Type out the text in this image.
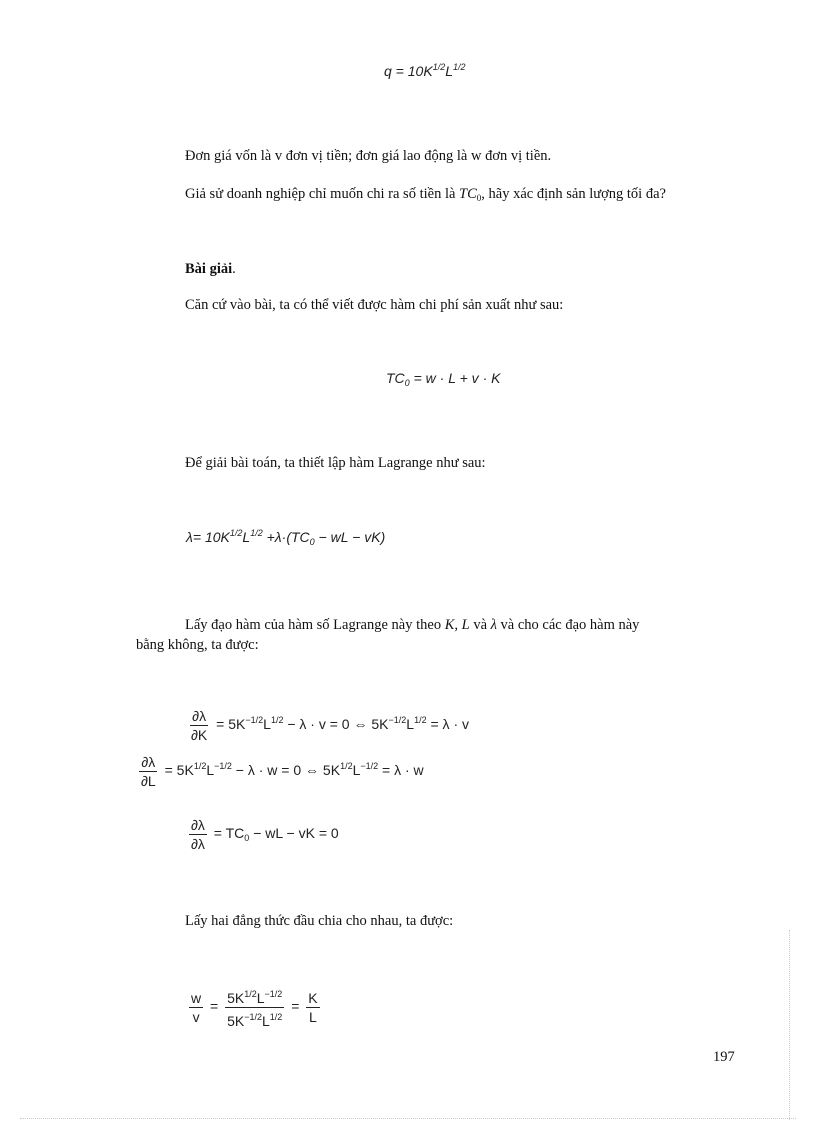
$q = 10K^{1/2}L^{1/2}$
Đơn giá vốn là v đơn vị tiền; đơn giá lao động là w đơn vị tiền.
Giả sử doanh nghiệp chỉ muốn chi ra số tiền là $TC_0$, hãy xác định sản lượng tối đa?
Bài giải.
Căn cứ vào bài, ta có thể viết được hàm chi phí sản xuất như sau:
$TC_0 = w \cdot L + v \cdot K$
Để giải bài toán, ta thiết lập hàm Lagrange như sau:
$\lambda= 10K^{1/2}L^{1/2} +\lambda\cdot(TC_0$ − wL − vK)
Lấy đạo hàm của hàm số Lagrange này theo K, L và λ và cho các đạo hàm này
bằng không, ta được:
$\frac{\partial\lambda}{\partial K} = 5K^{-1/2}L^{1/2} - \lambda \cdot v = 0$ ⇔ $5K^{-1/2}L^{1/2} = \lambda \cdot v$
$\frac{\partial\lambda}{\partial L} = 5K^{1/2}L^{-1/2} - \lambda \cdot w = 0$ ⇔ $5K^{1/2}L^{-1/2} = \lambda \cdot w$
$\frac{\partial\lambda}{\partial\lambda} = TC_0$ − wL − vK = 0
Lấy hai đẳng thức đầu chia cho nhau, ta được:
$\frac{w}{v} = \frac{5K^{1/2}L^{-1/2}}{5K^{-1/2}L^{1/2}} = \frac{K}{L}$
197
